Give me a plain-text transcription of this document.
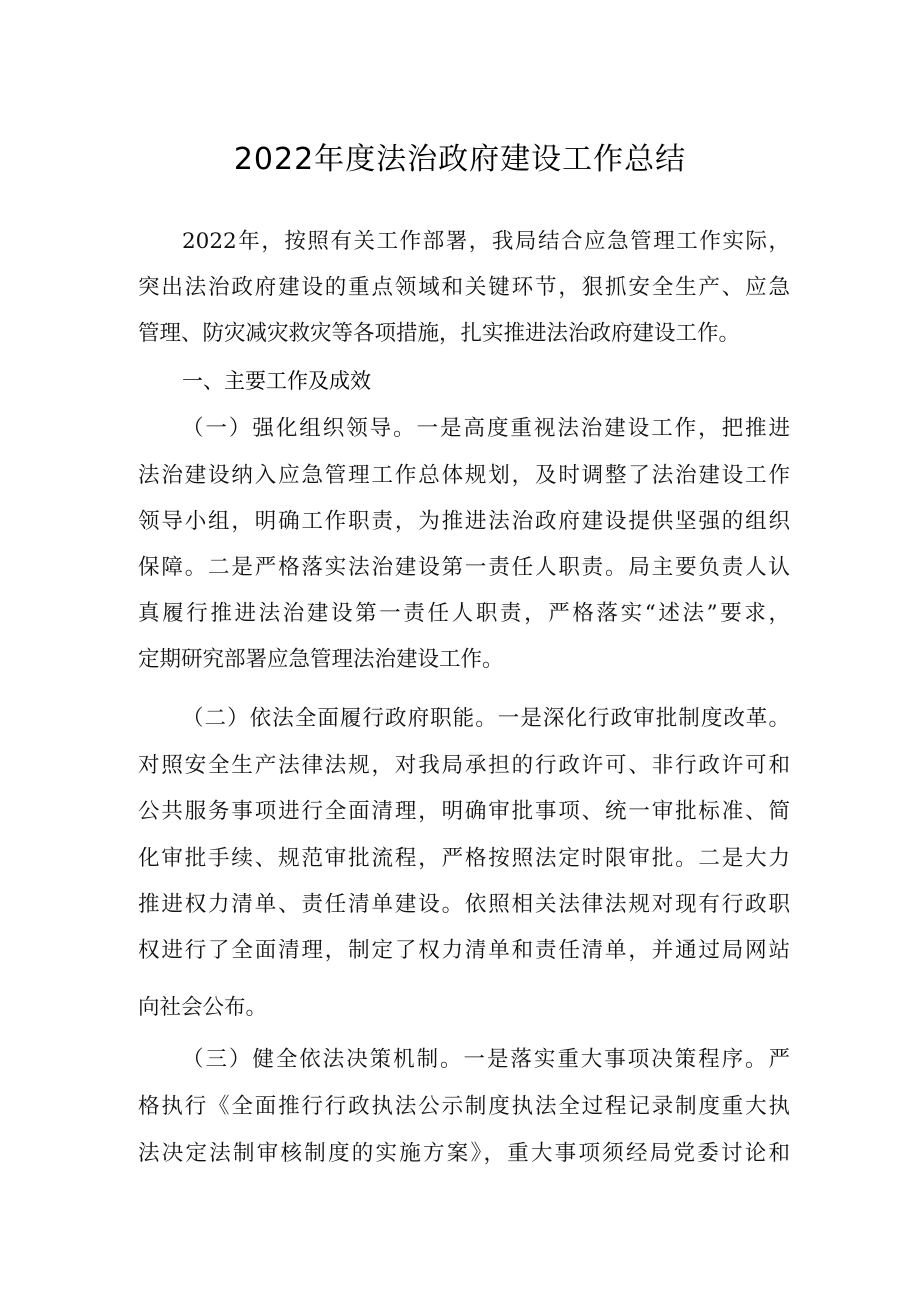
2022年度法治政府建设工作总结
2022年，按照有关工作部署，我局结合应急管理工作实际，
突出法治政府建设的重点领域和关键环节，狠抓安全生产、应急
管理、防灾减灾救灾等各项措施，扎实推进法治政府建设工作。
一、主要工作及成效
（一）强化组织领导。一是高度重视法治建设工作，把推进
法治建设纳入应急管理工作总体规划，及时调整了法治建设工作
领导小组，明确工作职责，为推进法治政府建设提供坚强的组织
保障。二是严格落实法治建设第一责任人职责。局主要负责人认
真履行推进法治建设第一责任人职责，严格落实“述法”要求，
定期研究部署应急管理法治建设工作。
（二）依法全面履行政府职能。一是深化行政审批制度改革。
对照安全生产法律法规，对我局承担的行政许可、非行政许可和
公共服务事项进行全面清理，明确审批事项、统一审批标准、简
化审批手续、规范审批流程，严格按照法定时限审批。二是大力
推进权力清单、责任清单建设。依照相关法律法规对现有行政职
权进行了全面清理，制定了权力清单和责任清单，并通过局网站
向社会公布。
（三）健全依法决策机制。一是落实重大事项决策程序。严
格执行《全面推行行政执法公示制度执法全过程记录制度重大执
法决定法制审核制度的实施方案》，重大事项须经局党委讨论和
